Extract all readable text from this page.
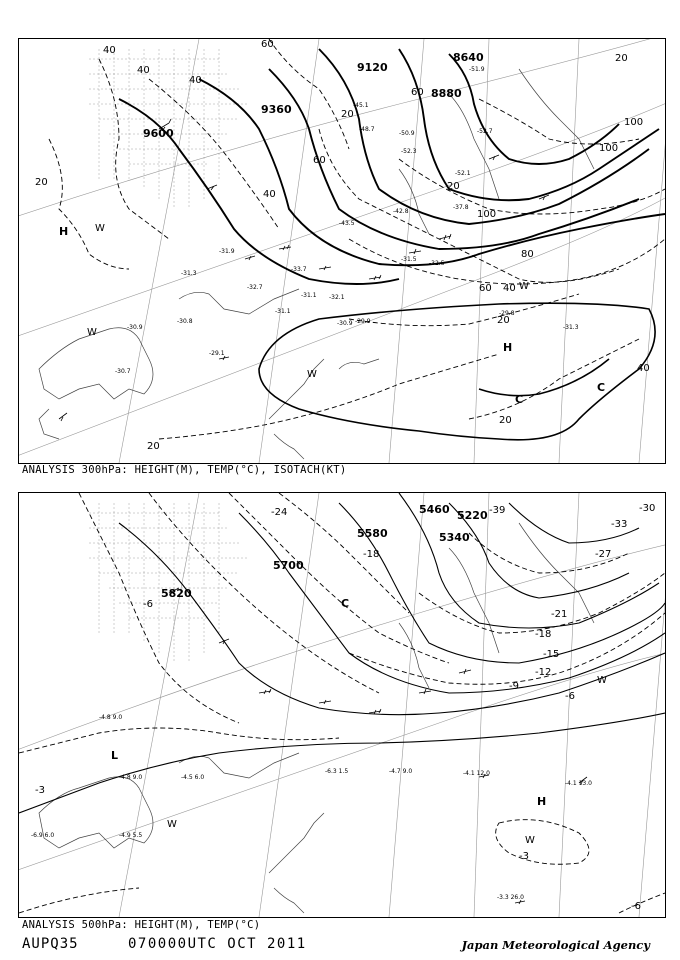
9600
9360
9120
8880
8640
40
40
40
40
60
60
60
20
20
20
20
20
20
100
100
100
80
60 40
20
40
H
H
C
C
W
W
W
W
-30.9
-30.7
-29.1
-30.8
-31.3
-31.9
-32.7
-33.7
-32.1
-31.1
-29.9
-29.8
-31.3
-43.5
-42.8
-45.1
-48.7
-52.3
-52.7
-50.9
-52.1
-51.9
-37.8
-31.5
-32.5
-30.9
-31.1
ANALYSIS 300hPa: HEIGHT(M), TEMP(°C), ISOTACH(KT)
5820
5700
5580
5460
5340
5220
-6
-18
-24
-27
-30
-33
-39
-21
-18
-15
-12
-9
-6
-3
-3
-6
L
H
C
W
W
W
-4.1 12.0
-4.1 13.0
-3.3 26.0
-6.3 1.5	-4.7 9.0
-4.8 9.0
-6.9 6.0
-4.5 6.0
-4.9 5.5
-4.8 9.0
ANALYSIS 500hPa: HEIGHT(M), TEMP(°C)
AUPQ35	070000UTC OCT 2011	Japan Meteorological Agency
